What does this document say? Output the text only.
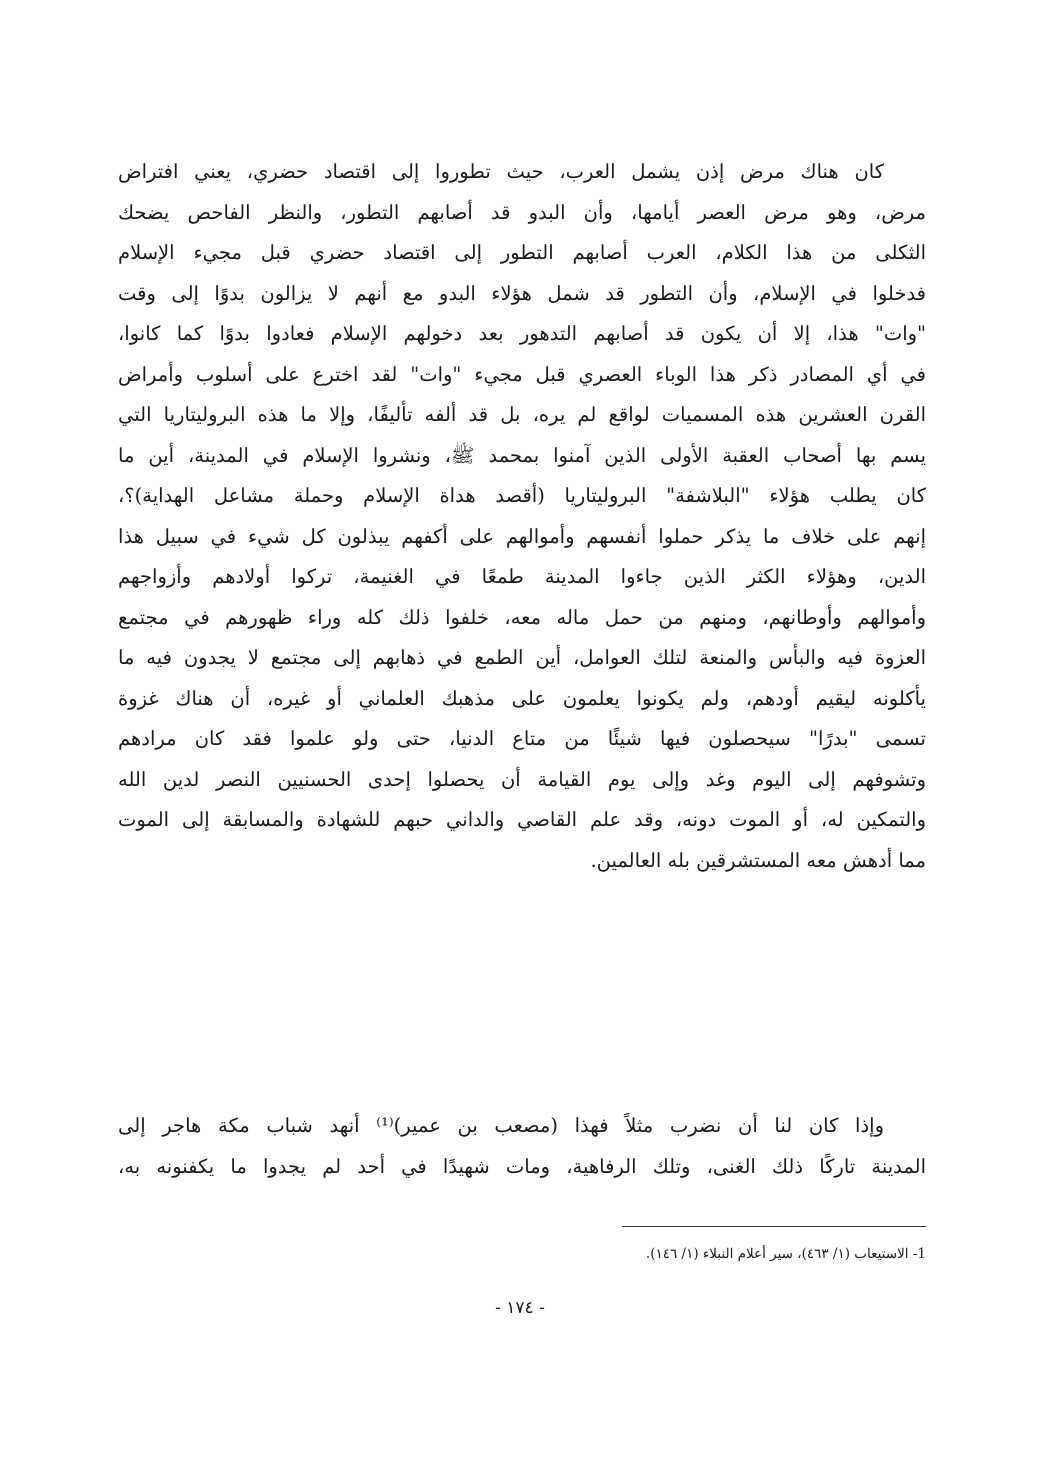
كان هناك مرض إذن يشمل العرب، حيث تطوروا إلى اقتصاد حضري، يعني افتراض
مرض، وهو مرض العصر أيامها، وأن البدو قد أصابهم التطور، والنظر الفاحص يضحك
الثكلى من هذا الكلام، العرب أصابهم التطور إلى اقتصاد حضري قبل مجيء الإسلام
فدخلوا في الإسلام، وأن التطور قد شمل هؤلاء البدو مع أنهم لا يزالون بدوًا إلى وقت
"وات" هذا، إلا أن يكون قد أصابهم التدهور بعد دخولهم الإسلام فعادوا بدوًا كما كانوا،
في أي المصادر ذكر هذا الوباء العصري قبل مجيء "وات" لقد اخترع على أسلوب وأمراض
القرن العشرين هذه المسميات لواقع لم يره، بل قد ألفه تأليفًا، وإلا ما هذه البروليتاريا التي
يسم بها أصحاب العقبة الأولى الذين آمنوا بمحمد ﷺ، ونشروا الإسلام في المدينة، أين ما
كان يطلب هؤلاء "البلاشفة" البروليتاريا (أقصد هداة الإسلام وحملة مشاعل الهداية)؟،
إنهم على خلاف ما يذكر حملوا أنفسهم وأموالهم على أكفهم يبذلون كل شيء في سبيل هذا
الدين، وهؤلاء الكثر الذين جاءوا المدينة طمعًا في الغنيمة، تركوا أولادهم وأزواجهم
وأموالهم وأوطانهم، ومنهم من حمل ماله معه، خلفوا ذلك كله وراء ظهورهم في مجتمع
العزوة فيه والبأس والمنعة لتلك العوامل، أين الطمع في ذهابهم إلى مجتمع لا يجدون فيه ما
يأكلونه ليقيم أودهم، ولم يكونوا يعلمون على مذهبك العلماني أو غيره، أن هناك غزوة
تسمى "بدرًا" سيحصلون فيها شيئًا من متاع الدنيا، حتى ولو علموا فقد كان مرادهم
وتشوفهم إلى اليوم وغد وإلى يوم القيامة أن يحصلوا إحدى الحسنيين النصر لدين الله
والتمكين له، أو الموت دونه، وقد علم القاصي والداني حبهم للشهادة والمسابقة إلى الموت
مما أدهش معه المستشرقين بله العالمين.
وإذا كان لنا أن نضرب مثلاً فهذا (مصعب بن عمير)⁽¹⁾ أنهد شباب مكة هاجر إلى
المدينة تاركًا ذلك الغنى، وتلك الرفاهية، ومات شهيدًا في أحد لم يجدوا ما يكفنونه به،
1- الاستيعاب (١/ ٤٦٣)، سير أعلام النبلاء (١/ ١٤٦).
- ١٧٤ -
